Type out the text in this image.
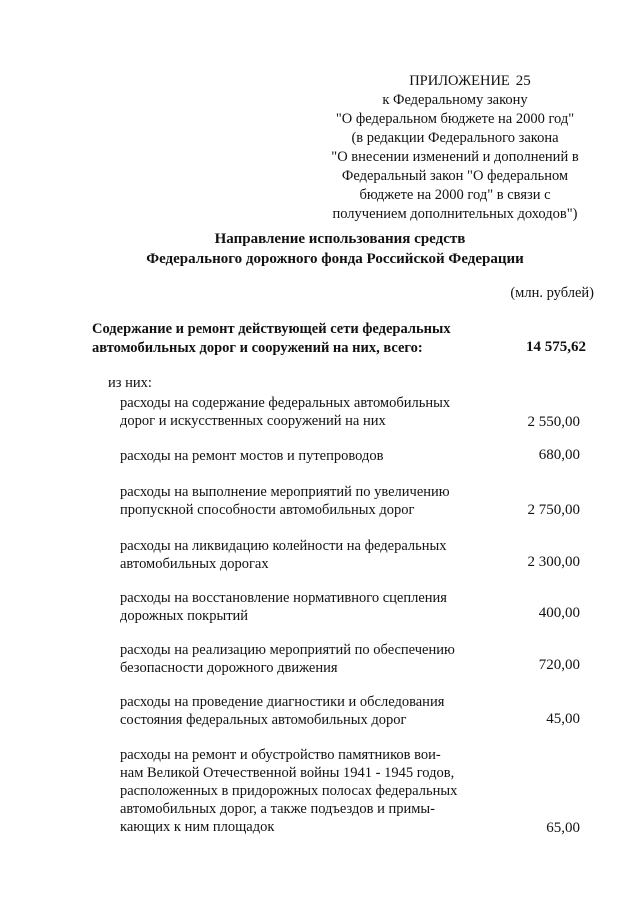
ПРИЛОЖЕНИЕ 25
к Федеральному закону
"О федеральном бюджете на 2000 год"
(в редакции Федерального закона
"О внесении изменений и дополнений в
Федеральный закон "О федеральном
бюджете на 2000 год" в связи с
получением дополнительных доходов")
Направление использования средств
Федерального дорожного фонда Российской Федерации
(млн. рублей)
Содержание и ремонт действующей сети федеральных
автомобильных дорог и сооружений на них, всего:	14 575,62
из них:
расходы на содержание федеральных автомобильных
дорог и искусственных сооружений на них	2 550,00
расходы на ремонт мостов и путепроводов	680,00
расходы на выполнение мероприятий по увеличению
пропускной способности автомобильных дорог	2 750,00
расходы на ликвидацию колейности на федеральных
автомобильных дорогах	2 300,00
расходы на восстановление нормативного сцепления
дорожных покрытий	400,00
расходы на реализацию мероприятий по обеспечению
безопасности дорожного движения	720,00
расходы на проведение диагностики и обследования
состояния федеральных автомобильных дорог	45,00
расходы на ремонт и обустройство памятников вои-
нам Великой Отечественной войны 1941 - 1945 годов,
расположенных в придорожных полосах федеральных
автомобильных дорог, а также подъездов и примы-
кающих к ним площадок	65,00
